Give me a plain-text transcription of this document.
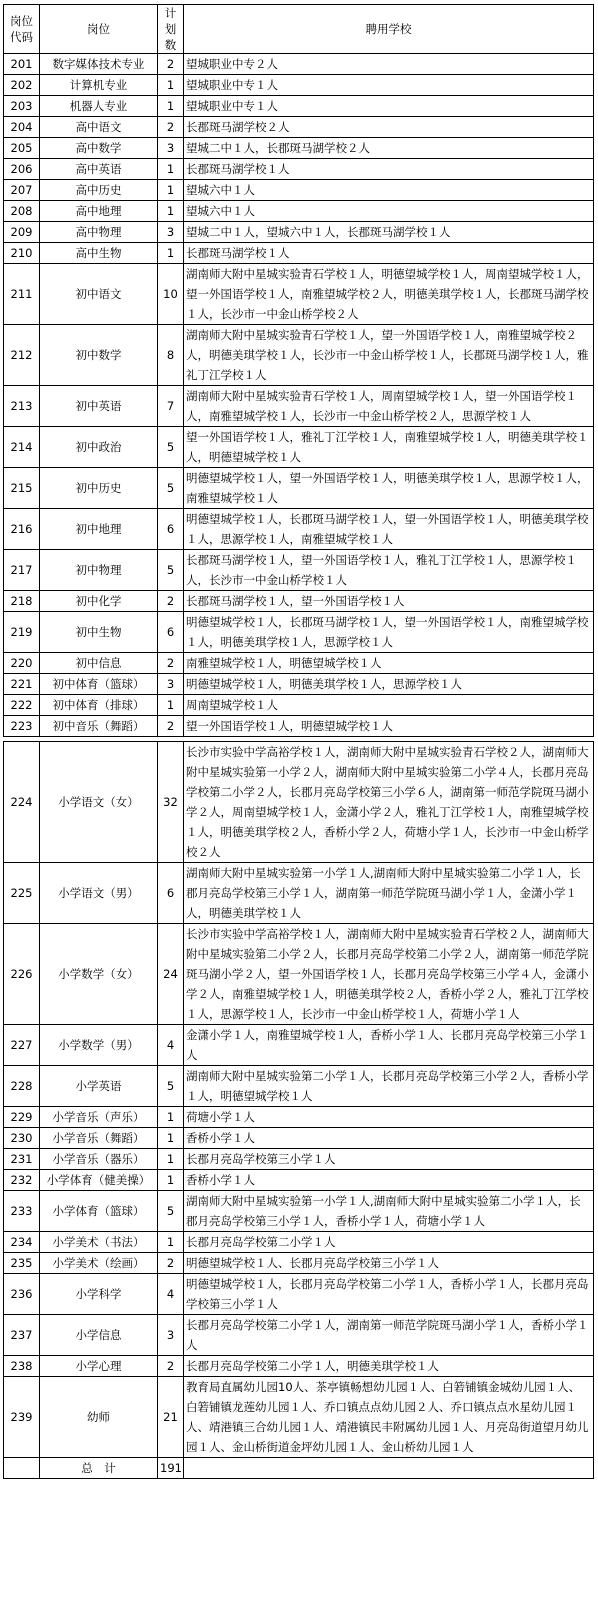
岗位代码	岗位	计划数	聘用学校
201	数字媒体技术专业	2	望城职业中专２人
202	计算机专业	1	望城职业中专１人
203	机器人专业	1	望城职业中专１人
204	高中语文	2	长郡斑马湖学校２人
205	高中数学	3	望城二中１人，长郡斑马湖学校２人
206	高中英语	1	长郡斑马湖学校１人
207	高中历史	1	望城六中１人
208	高中地理	1	望城六中１人
209	高中物理	3	望城二中１人，望城六中１人，长郡斑马湖学校１人
210	高中生物	1	长郡斑马湖学校１人
211	初中语文	10	湖南师大附中星城实验青石学校１人，明德望城学校１人，周南望城学校１人，望一外国语学校１人，南雅望城学校２人，明德美琪学校１人，长郡斑马湖学校１人，长沙市一中金山桥学校２人
212	初中数学	8	湖南师大附中星城实验青石学校１人，望一外国语学校１人，南雅望城学校２人，明德美琪学校１人，长沙市一中金山桥学校１人，长郡斑马湖学校１人，雅礼丁江学校１人
213	初中英语	7	湖南师大附中星城实验青石学校１人，周南望城学校１人，望一外国语学校１人，南雅望城学校１人，长沙市一中金山桥学校２人，思源学校１人
214	初中政治	5	望一外国语学校１人，雅礼丁江学校１人，南雅望城学校１人，明德美琪学校１人，明德望城学校１人
215	初中历史	5	明德望城学校１人，望一外国语学校１人，明德美琪学校１人，思源学校１人，南雅望城学校１人
216	初中地理	6	明德望城学校１人，长郡斑马湖学校１人，望一外国语学校１人，明德美琪学校１人，思源学校１人，南雅望城学校１人
217	初中物理	5	长郡斑马湖学校１人，望一外国语学校１人，雅礼丁江学校１人，思源学校１人，长沙市一中金山桥学校１人
218	初中化学	2	长郡斑马湖学校１人，望一外国语学校１人
219	初中生物	6	明德望城学校１人，长郡斑马湖学校１人，望一外国语学校１人，南雅望城学校１人，明德美琪学校１人，思源学校１人
220	初中信息	2	南雅望城学校１人，明德望城学校１人
221	初中体育（篮球）	3	明德望城学校１人，明德美琪学校１人，思源学校１人
222	初中体育（排球）	1	周南望城学校１人
223	初中音乐（舞蹈）	2	望一外国语学校１人，明德望城学校１人

224	小学语文（女）	32	长沙市实验中学高裕学校１人，湖南师大附中星城实验青石学校２人，湖南师大附中星城实验第一小学２人，湖南师大附中星城实验第二小学４人，长郡月亮岛学校第二小学２人，长郡月亮岛学校第三小学６人，湖南第一师范学院斑马湖小学２人，周南望城学校１人，金潇小学２人，雅礼丁江学校１人，南雅望城学校１人，明德美琪学校２人，香桥小学２人，荷塘小学１人，长沙市一中金山桥学校２人
225	小学语文（男）	6	湖南师大附中星城实验第一小学１人,湖南师大附中星城实验第二小学１人，长郡月亮岛学校第三小学１人，湖南第一师范学院斑马湖小学１人，金潇小学１人，明德美琪学校１人
226	小学数学（女）	24	长沙市实验中学高裕学校１人，湖南师大附中星城实验青石学校２人，湖南师大附中星城实验第二小学２人，长郡月亮岛学校第二小学２人，湖南第一师范学院斑马湖小学２人，望一外国语学校１人，长郡月亮岛学校第三小学４人，金潇小学２人，南雅望城学校１人，明德美琪学校２人，香桥小学２人，雅礼丁江学校１人，思源学校１人，长沙市一中金山桥学校１人，荷塘小学１人
227	小学数学（男）	4	金潇小学１人，南雅望城学校１人，香桥小学１人、长郡月亮岛学校第三小学１人
228	小学英语	5	湖南师大附中星城实验第二小学１人，长郡月亮岛学校第三小学２人，香桥小学１人，明德望城学校１人
229	小学音乐（声乐）	1	荷塘小学１人
230	小学音乐（舞蹈）	1	香桥小学１人
231	小学音乐（器乐）	1	长郡月亮岛学校第三小学１人
232	小学体育（健美操）	1	香桥小学１人
233	小学体育（篮球）	5	湖南师大附中星城实验第一小学１人,湖南师大附中星城实验第二小学１人，长郡月亮岛学校第三小学１人，香桥小学１人，荷塘小学１人
234	小学美术（书法）	1	长郡月亮岛学校第二小学１人
235	小学美术（绘画）	2	明德望城学校１人、长郡月亮岛学校第三小学１人
236	小学科学	4	明德望城学校１人，长郡月亮岛学校第二小学１人，香桥小学１人，长郡月亮岛学校第三小学１人
237	小学信息	3	长郡月亮岛学校第二小学１人，湖南第一师范学院斑马湖小学１人，香桥小学１人
238	小学心理	2	长郡月亮岛学校第二小学１人，明德美琪学校１人
239	幼师	21	教育局直属幼儿园10人、茶亭镇畅想幼儿园１人、白箬铺镇金城幼儿园１人、白箬铺镇龙莲幼儿园１人、乔口镇点点幼儿园２人、乔口镇点点水星幼儿园１人、靖港镇三合幼儿园１人、靖港镇民丰附属幼儿园１人、月亮岛街道望月幼儿园１人、金山桥街道金坪幼儿园１人、金山桥幼儿园１人
	总　计	191	
